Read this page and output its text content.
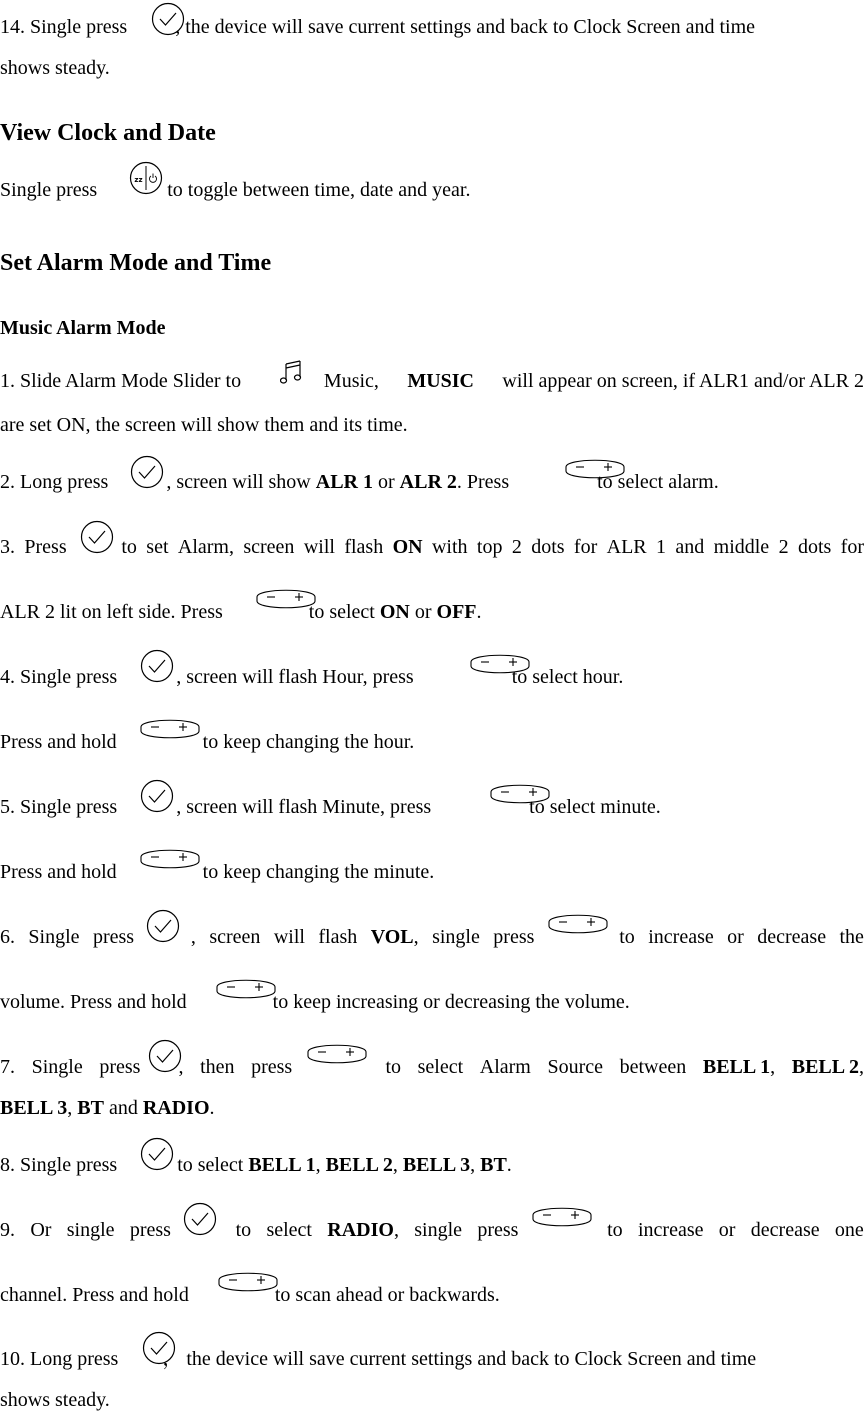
14. Single press , the device will save current settings and back to Clock Screen and time
shows steady.
View Clock and Date
Single press	to toggle between time, date and year.
zz
Set Alarm Mode and Time
Music Alarm Mode
1. Slide Alarm Mode Slider to	Music, MUSIC will appear on screen, if ALR1 and/or ALR 2
are set ON, the screen will show them and its time.
2. Long press	, screen will show ALR 1 or ALR 2. Press	to select alarm.
3. Press	to set Alarm, screen will flash ON with top 2 dots for ALR 1 and middle 2 dots for
ALR 2 lit on left side. Press	to select ON or OFF.
4. Single press	, screen will flash Hour, press	to select hour.
Press and hold	to keep changing the hour.
5. Single press	, screen will flash Minute, press	to select minute.
Press and hold	to keep changing the minute.
6. Single press	, screen will flash VOL, single press	to increase or decrease the
volume. Press and hold	to keep increasing or decreasing the volume.
7. Single press , then press	to select Alarm Source between BELL 1, BELL 2,
BELL 3, BT and RADIO.
8. Single press	to select BELL 1, BELL 2, BELL 3, BT.
9. Or single press	to select RADIO, single press	to increase or decrease one
channel. Press and hold	to scan ahead or backwards.
10. Long press ， the device will save current settings and back to Clock Screen and time
shows steady.
